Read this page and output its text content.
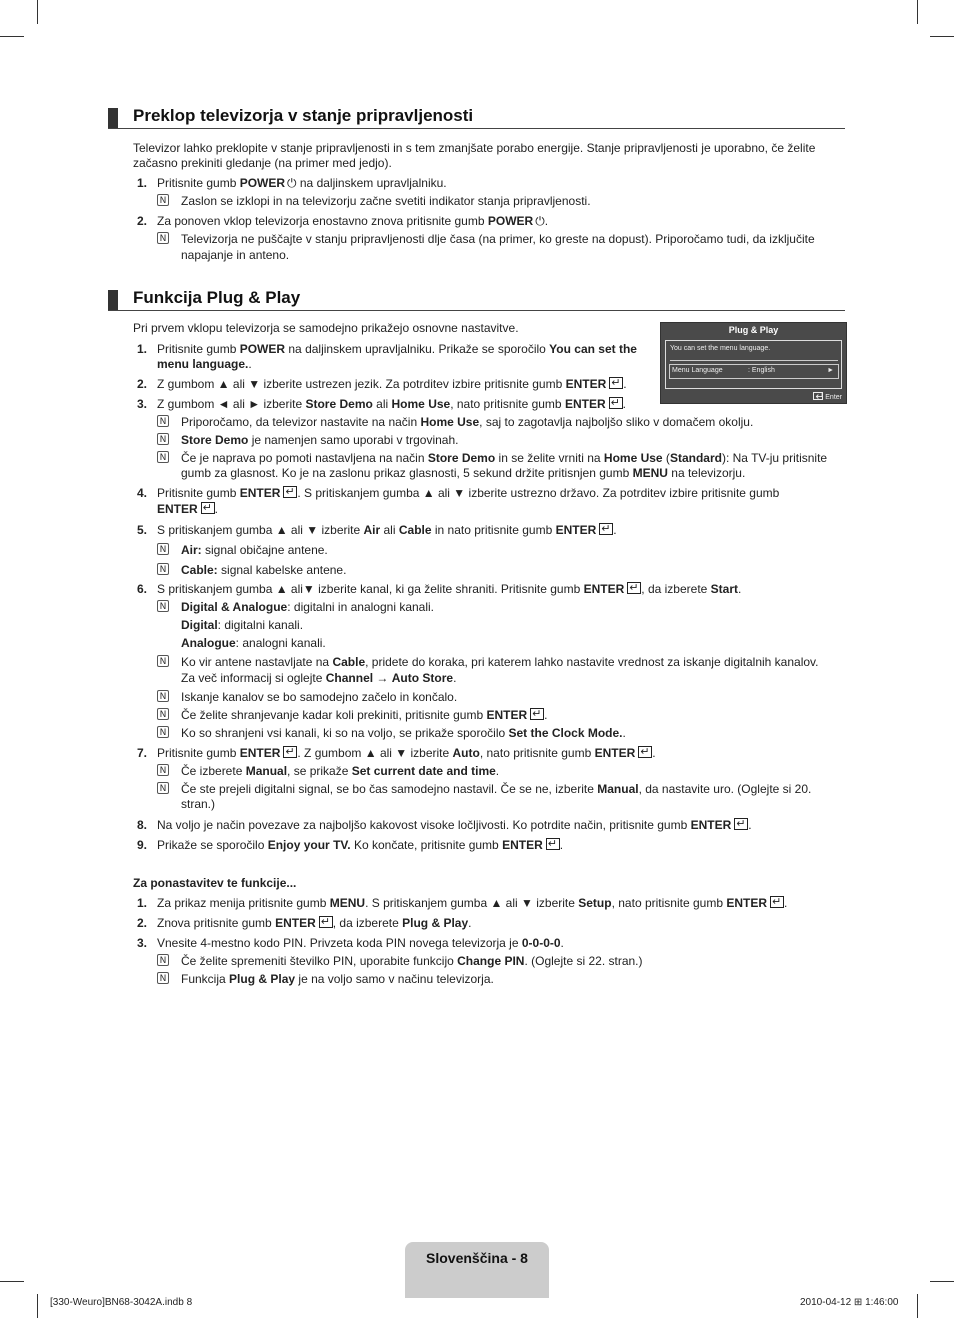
Preklop televizorja v stanje pripravljenosti
Televizor lahko preklopite v stanje pripravljenosti in s tem zmanjšate porabo energije. Stanje pripravljenosti je uporabno, če želite
začasno prekiniti gledanje (na primer med jedjo).
1. Pritisnite gumb POWER ⏻ na daljinskem upravljalniku.
N Zaslon se izklopi in na televizorju začne svetiti indikator stanja pripravljenosti.
2. Za ponoven vklop televizorja enostavno znova pritisnite gumb POWER ⏻.
N Televizorja ne puščajte v stanju pripravljenosti dlje časa (na primer, ko greste na dopust). Priporočamo tudi, da izključite
napajanje in anteno.
Funkcija Plug & Play
Pri prvem vklopu televizorja se samodejno prikažejo osnovne nastavitve.	Plug & Play
You can set the menu language.
Menu Language	: English	►
↵Enter
1. Pritisnite gumb POWER na daljinskem upravljalniku. Prikaže se sporočilo You can set the
menu language..
2. Z gumbom ▲ ali ▼ izberite ustrezen jezik. Za potrditev izbire pritisnite gumb ENTER ↵ .
3. Z gumbom ◄ ali ► izberite Store Demo ali Home Use, nato pritisnite gumb ENTER ↵ .
N Priporočamo, da televizor nastavite na način Home Use, saj to zagotavlja najboljšo sliko v domačem okolju.
N Store Demo je namenjen samo uporabi v trgovinah.
N Če je naprava po pomoti nastavljena na način Store Demo in se želite vrniti na Home Use (Standard): Na TV-ju pritisnite
gumb za glasnost. Ko je na zaslonu prikaz glasnosti, 5 sekund držite pritisnjen gumb MENU na televizorju.
4. Pritisnite gumb ENTER ↵ . S pritiskanjem gumba ▲ ali ▼ izberite ustrezno državo. Za potrditev izbire pritisnite gumb
ENTER ↵ .
5. S pritiskanjem gumba ▲ ali ▼ izberite Air ali Cable in nato pritisnite gumb ENTER ↵ .
N Air: signal običajne antene.
N Cable: signal kabelske antene.
6. S pritiskanjem gumba ▲ ali▼ izberite kanal, ki ga želite shraniti. Pritisnite gumb ENTER ↵ , da izberete Start.
N Digital & Analogue: digitalni in analogni kanali.
Digital: digitalni kanali.
Analogue: analogni kanali.
N Ko vir antene nastavljate na Cable, pridete do koraka, pri katerem lahko nastavite vrednost za iskanje digitalnih kanalov.
Za več informacij si oglejte Channel → Auto Store.
N Iskanje kanalov se bo samodejno začelo in končalo.
N Če želite shranjevanje kadar koli prekiniti, pritisnite gumb ENTER ↵ .
N Ko so shranjeni vsi kanali, ki so na voljo, se prikaže sporočilo Set the Clock Mode..
7. Pritisnite gumb ENTER ↵ . Z gumbom ▲ ali ▼ izberite Auto, nato pritisnite gumb ENTER ↵ .
N Če izberete Manual, se prikaže Set current date and time.
N Če ste prejeli digitalni signal, se bo čas samodejno nastavil. Če se ne, izberite Manual, da nastavite uro. (Oglejte si 20.
stran.)
8. Na voljo je način povezave za najboljšo kakovost visoke ločljivosti. Ko potrdite način, pritisnite gumb ENTER ↵ .
9. Prikaže se sporočilo Enjoy your TV. Ko končate, pritisnite gumb ENTER ↵ .
Za ponastavitev te funkcije...
1. Za prikaz menija pritisnite gumb MENU. S pritiskanjem gumba ▲ ali ▼ izberite Setup, nato pritisnite gumb ENTER ↵ .
2. Znova pritisnite gumb ENTER ↵ , da izberete Plug & Play.
3. Vnesite 4-mestno kodo PIN. Privzeta koda PIN novega televizorja je 0-0-0-0.
N Če želite spremeniti številko PIN, uporabite funkcijo Change PIN. (Oglejte si 22. stran.)
N Funkcija Plug & Play je na voljo samo v načinu televizorja.
Slovenščina - 8
[330-Weuro]BN68-3042A.indb 8	2010-04-12 ⊞ 1:46:00
